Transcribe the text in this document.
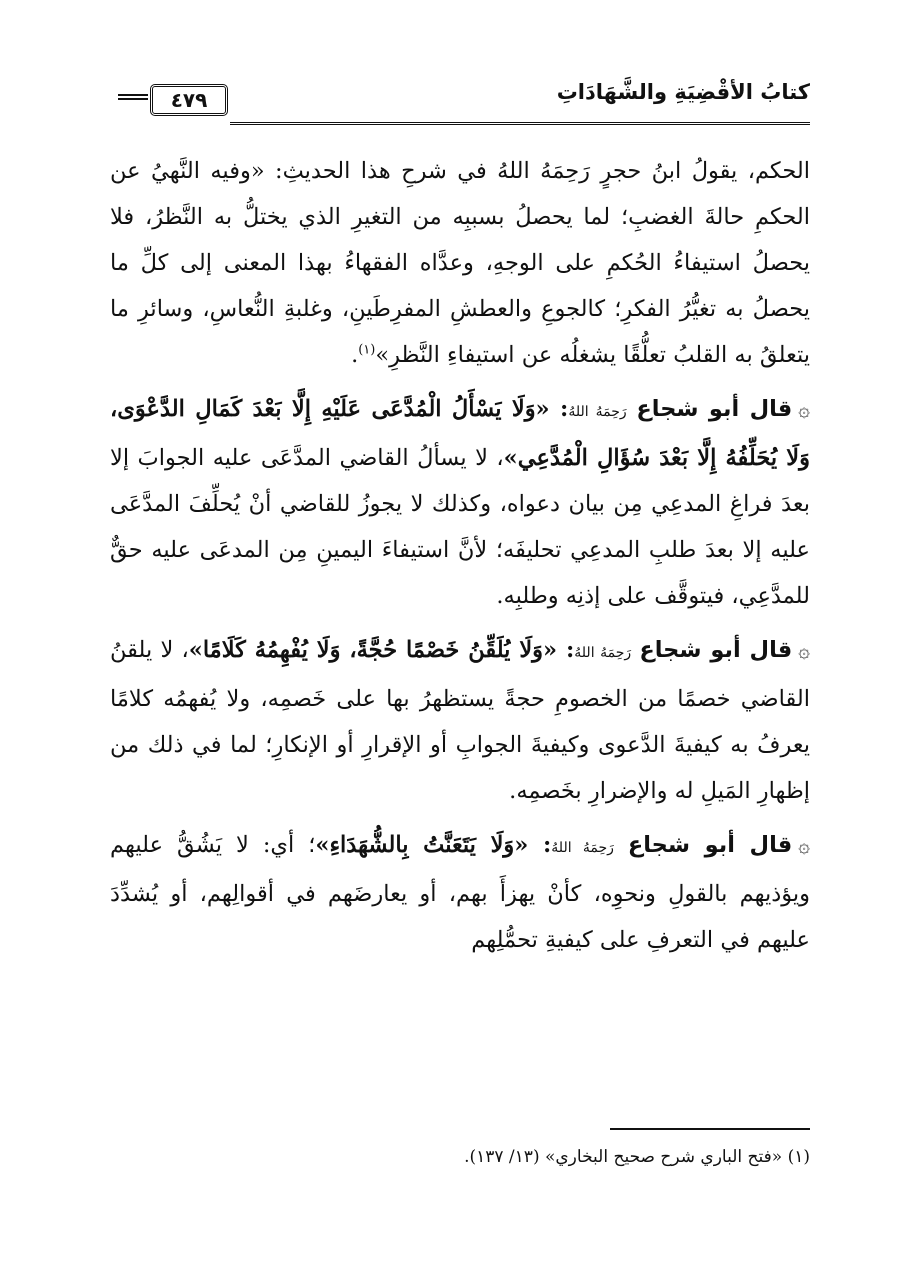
كتابُ الأقْضِيَةِ والشَّهَادَاتِ
٤٧٩

الحكم، يقولُ ابنُ حجرٍ رَحِمَهُ اللهُ في شرحِ هذا الحديثِ: «وفيه النَّهيُ عن الحكمِ حالةَ الغضبِ؛ لما يحصلُ بسببِه من التغيرِ الذي يختلُّ به النَّظرُ، فلا يحصلُ استيفاءُ الحُكمِ على الوجهِ، وعدَّاه الفقهاءُ بهذا المعنى إلى كلِّ ما يحصلُ به تغيُّرُ الفكرِ؛ كالجوعِ والعطشِ المفرِطَينِ، وغلبةِ النُّعاسِ، وسائرِ ما يتعلقُ به القلبُ تعلُّقًا يشغلُه عن استيفاءِ النَّظرِ»$^{(١)}$.

۞قال أبو شجاع رَحِمَهُ اللهُ: «وَلَا يَسْأَلُ الْمُدَّعَى عَلَيْهِ إِلَّا بَعْدَ كَمَالِ الدَّعْوَى، وَلَا يُحَلِّفُهُ إِلَّا بَعْدَ سُؤَالِ الْمُدَّعِي»، لا يسألُ القاضي المدَّعَى عليه الجوابَ إلا بعدَ فراغِ المدعِي مِن بيان دعواه، وكذلك لا يجوزُ للقاضي أنْ يُحلِّفَ المدَّعَى عليه إلا بعدَ طلبِ المدعِي تحليفَه؛ لأنَّ استيفاءَ اليمينِ مِن المدعَى عليه حقٌّ للمدَّعِي، فيتوقَّف على إذنِه وطلبِه.

۞قال أبو شجاع رَحِمَهُ اللهُ: «وَلَا يُلَقِّنُ خَصْمًا حُجَّةً، وَلَا يُفْهِمُهُ كَلَامًا»، لا يلقنُ القاضي خصمًا من الخصومِ حجةً يستظهرُ بها على خَصمِه، ولا يُفهمُه كلامًا يعرفُ به كيفيةَ الدَّعوى وكيفيةَ الجوابِ أو الإقرارِ أو الإنكارِ؛ لما في ذلك من إظهارِ المَيلِ له والإضرارِ بخَصمِه.

۞قال أبو شجاع رَحِمَهُ اللهُ: «وَلَا يَتَعَنَّتُ بِالشُّهَدَاءِ»؛ أي: لا يَشُقُّ عليهم ويؤذيهم بالقولِ ونحوِه، كأنْ يهزأَ بهم، أو يعارضَهم في أقوالِهم، أو يُشدِّدَ عليهم في التعرفِ على كيفيةِ تحمُّلِهم

(١) «فتح الباري شرح صحيح البخاري» (١٣/ ١٣٧).
